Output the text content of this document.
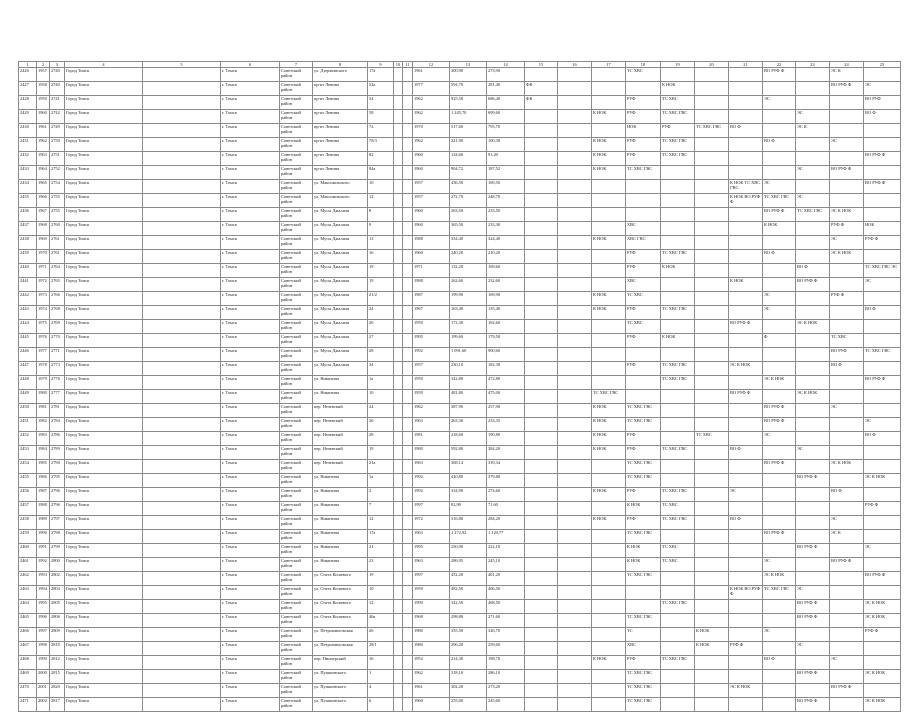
1	2	3	4	5	6	7	8	9	10	11	12	13	14	15	16	17	18	19	20	21	22	23	24	25	
2426	1957	2740	Город Томск		г. Томск	Советский район	ул. Дзержинского	17а			1961	300,90	273,90				ТС ХВС				ВО РУФ Ф		ЭС К		
2427	1958	2740	Город Томск		г. Томск	Советский район	пр-кт Ленина	52а			1977	594,70	281,40	ФК				К НОК					ВО РУФ Ф	ЭС	
2428	1959	2741	Город Томск		г. Томск	Советский район	пр-кт Ленина	54			1962	925,50	686,40	ФК			РУФ	ТС ХВС			ЭС			ВО РУФ	
2429	1960	2742	Город Томск		г. Томск	Советский район	пр-кт Ленина	58			1962	1 245,70	699,60			К НОК	РУФ	ТС ХВС ГВС				ЭС		ВО Ф	
2430	1961	2749	Город Томск		г. Томск	Советский район	пр-кт Ленина	72			1970	517,60	793,70				НОК	РУФ	ТС ХВС ГВС	ВО Ф		ЭС К			
2431	1962	2750	Город Томск		г. Томск	Советский район	пр-кт Ленина	78/3			1962	221,90	100,30			К НОК	РУФ	ТС ХВС ГВС			ВО Ф		ЭС		
2432	1963	2751	Город Томск		г. Томск	Советский район	пр-кт Ленина	82			1960	134,60	91,20			К НОК	РУФ	ТС ХВС ГВС						ВО РУФ Ф	
2433	1964	2752	Город Томск		г. Томск	Советский район	пр-кт Ленина	84а			1960	904,72	187,52			К НОК	ТС ХВС ГВС					ЭС	ВО РУФ Ф		
2434	1965	2754	Город Томск		г. Томск	Советский район	ул. Максимовского	10			1957	436,50	169,50							К НОК ТС ХВС ГВС	ЭС			ВО РУФ Ф	
2435	1966	2755	Город Томск		г. Томск	Советский район	ул. Максимовского	12			1957	272,70	248,70							К НОК ВО РУФ Ф	ТС ХВС ГВС	ЭС			
2436	1967	2755	Город Томск		г. Томск	Советский район	ул. Мусы Джалиля	8			1960	263,50	233,50								ВО РУФ Ф	ТС ХВС ГВС	ЭС К НОК		
2437	1968	2760	Город Томск		г. Томск	Советский район	ул. Мусы Джалиля	9			1960	365,50	233,30				ХВС				К НОК		РУФ Ф	НОК	
2438	1969	2761	Город Томск		г. Томск	Советский район	ул. Мусы Джалиля	13			1988	354,40	324,40			К НОК	ХВС ГВС						ЭС	РУФ Ф	
2439	1970	2761	Город Томск		г. Томск	Советский район	ул. Мусы Джалиля	16			1960	240,20	210,20				РУФ	ТС ХВС ГВС			ВО Ф		ЭС К НОК		
2440	1971	2764	Город Томск		г. Томск	Советский район	ул. Мусы Джалиля	19			1971	132,20	169,60				РУФ	К НОК				ВО Ф		ТС ХВС ГВС ЭС	
2441	1972	2765	Город Томск		г. Томск	Советский район	ул. Мусы Джалиля	19			1988	262,60	232,60				ХВС			К НОК		ВО РУФ Ф		ЭС	
2442	1973	2766	Город Томск		г. Томск	Советский район	ул. Мусы Джалиля	21/2			1987	199,90	169,90			К НОК	ТС ХВС				ЭС		РУФ Ф		
2443	1974	2768	Город Томск		г. Томск	Советский район	ул. Мусы Джалиля	24			1967	163,40	135,40			К НОК	РУФ	ТС ХВС ГВС			ЭС			ВО Ф	
2444	1975	2769	Город Томск		г. Томск	Советский район	ул. Мусы Джалиля	26			1959	172,30	162,60				ТС ХВС			ВО РУФ Ф		ЭС К НОК			
2445	1976	2770	Город Томск		г. Томск	Советский район	ул. Мусы Джалиля	27			1995	199,60	179,50				РУФ	К НОК			Ф		ТС ХВС		
2446	1977	2771	Город Томск		г. Томск	Советский район	ул. Мусы Джалиля	28			1992	1 091,60	900,60										ВО РУФ	ТС ХВС ГВС	
2447	1978	2773	Город Томск		г. Томск	Советский район	ул. Мусы Джалиля	34			1957	230,10	182,30				РУФ	ТС ХВС ГВС		ЭС К НОК			ВО Ф		
2448	1979	2776	Город Томск		г. Томск	Советский район	ул. Никитина	1а			1959	342,80	472,80					ТС ХВС ГВС			ЭС К НОК			ВО РУФ Ф	
2449	1980	2777	Город Томск		г. Томск	Советский район	ул. Никитина	10			1959	481,80	475,00			ТС ХВС ГВС				ВО РУФ Ф		ЭС К НОК			
2450	1981	2781	Город Томск		г. Томск	Советский район	пер. Нечевский	24			1962	387,90	257,90			К НОК	ТС ХВС ГВС				ВО РУФ Ф		ЭС		
2451	1982	2784	Город Томск		г. Томск	Советский район	пер. Нечевский	26			1963	263,36	233,35			К НОК	ТС ХВС ГВС				ВО РУФ Ф			ЭС	
2452	1983	2786	Город Томск		г. Томск	Советский район	пер. Нечевский	28			1981	218,60	190,80			К НОК	РУФ		ТС ХВС		ЭС			ВО Ф	
2453	1984	2789	Город Томск		г. Томск	Советский район	пер. Нечевский	19			1980	592,80	384,20			К НОК	РУФ	ТС ХВС ГВС		ВО Ф		ЭС			
2454	1985	2790	Город Томск		г. Томск	Советский район	пер. Нечевский	21а			1963	368,14	339,34				ТС ХВС ГВС				ВО РУФ Ф		ЭС К НОК		
2455	1986	2795	Город Томск		г. Томск	Советский район	ул. Никитина	1а			1992	410,80	379,80				ТС ХВС ГВС					ВО РУФ Ф		ЭС К НОК	
2456	1987	2796	Город Томск		г. Томск	Советский район	ул. Никитина	2			1992	334,90	274,60			К НОК	РУФ	ТС ХВС ГВС		ЭС			ВО Ф		
2457	1988	2796	Город Томск		г. Томск	Советский район	ул. Никитина	7			1997	82,90	71,60				К НОК	ТС ХВС						РУФ Ф	
2458	1989	2797	Город Томск		г. Томск	Советский район	ул. Никитина	12			1972	316,80	284,20			К НОК	РУФ	ТС ХВС ГВС		ВО Ф			ЭС		
2459	1990	2798	Город Томск		г. Томск	Советский район	ул. Никитина	17а			1963	1 272,92	1 120,77				ТС ХВС ГВС				ВО РУФ Ф		ЭС К		
2460	1991	2799	Город Томск		г. Томск	Советский район	ул. Никитина	21			1995	250,00	222,10				К НОК	ТС ХВС				ВО РУФ Ф		ЭС	
2461	1992	2800	Город Томск		г. Томск	Советский район	ул. Никитина	23			1963	286,95	245,10				К НОК	ТС ХВС			ЭС		ВО РУФ Ф		
2462	1993	2802	Город Томск		г. Томск	Советский район	ул. Олега Кошевого	19			1997	452,20	401,20				ТС ХВС ГВС				ЭС К НОК			ВО РУФ Ф	
2463	1994	2804	Город Томск		г. Томск	Советский район	ул. Олега Кошевого	10			1959	482,50	406,50							К НОК ВО РУФ Ф	ТС ХВС ГВС	ЭС			
2464	1995	2805	Город Томск		г. Томск	Советский район	ул. Олега Кошевого	12			1999	342,50	468,50					ТС ХВС ГВС				ВО РУФ Ф		ЭС К НОК	
2465	1996	2806	Город Томск		г. Томск	Советский район	ул. Олега Кошевого	46а			1968	298,80	271,60				ТС ХВС ГВС					ВО РУФ Ф		ЭС К НОК	
2466	1997	2809	Город Томск		г. Томск	Советский район	ул. Петропавловская	26			1980	355,50	326,70				ТС		К НОК		ЭС			РУФ Ф	
2467	1998	2810	Город Томск		г. Томск	Советский район	ул. Петропавловская	28/1			1980	296,20	259,60				ХВС		К НОК	РУФ Ф		ЭС			
2468	1999	2812	Город Томск		г. Томск	Советский район	пер. Пионерский	16			1952	214,30	198,70			К НОК	РУФ	ТС ХВС ГВС			ВО Ф		ЭС		
2469	2000	2815	Город Томск		г. Томск	Советский район	ул. Пушкинского	1			1962	318,10	286,10				ТС ХВС ГВС					ВО РУФ Ф		ЭС К НОК	
2470	2001	2820	Город Томск		г. Томск	Советский район	ул. Пушкинского	4			1961	302,20	273,20				ТС ХВС ГВС			ЭС К НОК			ВО РУФ Ф		
2471	2002	2817	Город Томск		г. Томск	Советский район	ул. Пушкинского	6			1960	255,00	245,60				ТС ХВС ГВС					ВО РУФ Ф		ЭС К НОК	
